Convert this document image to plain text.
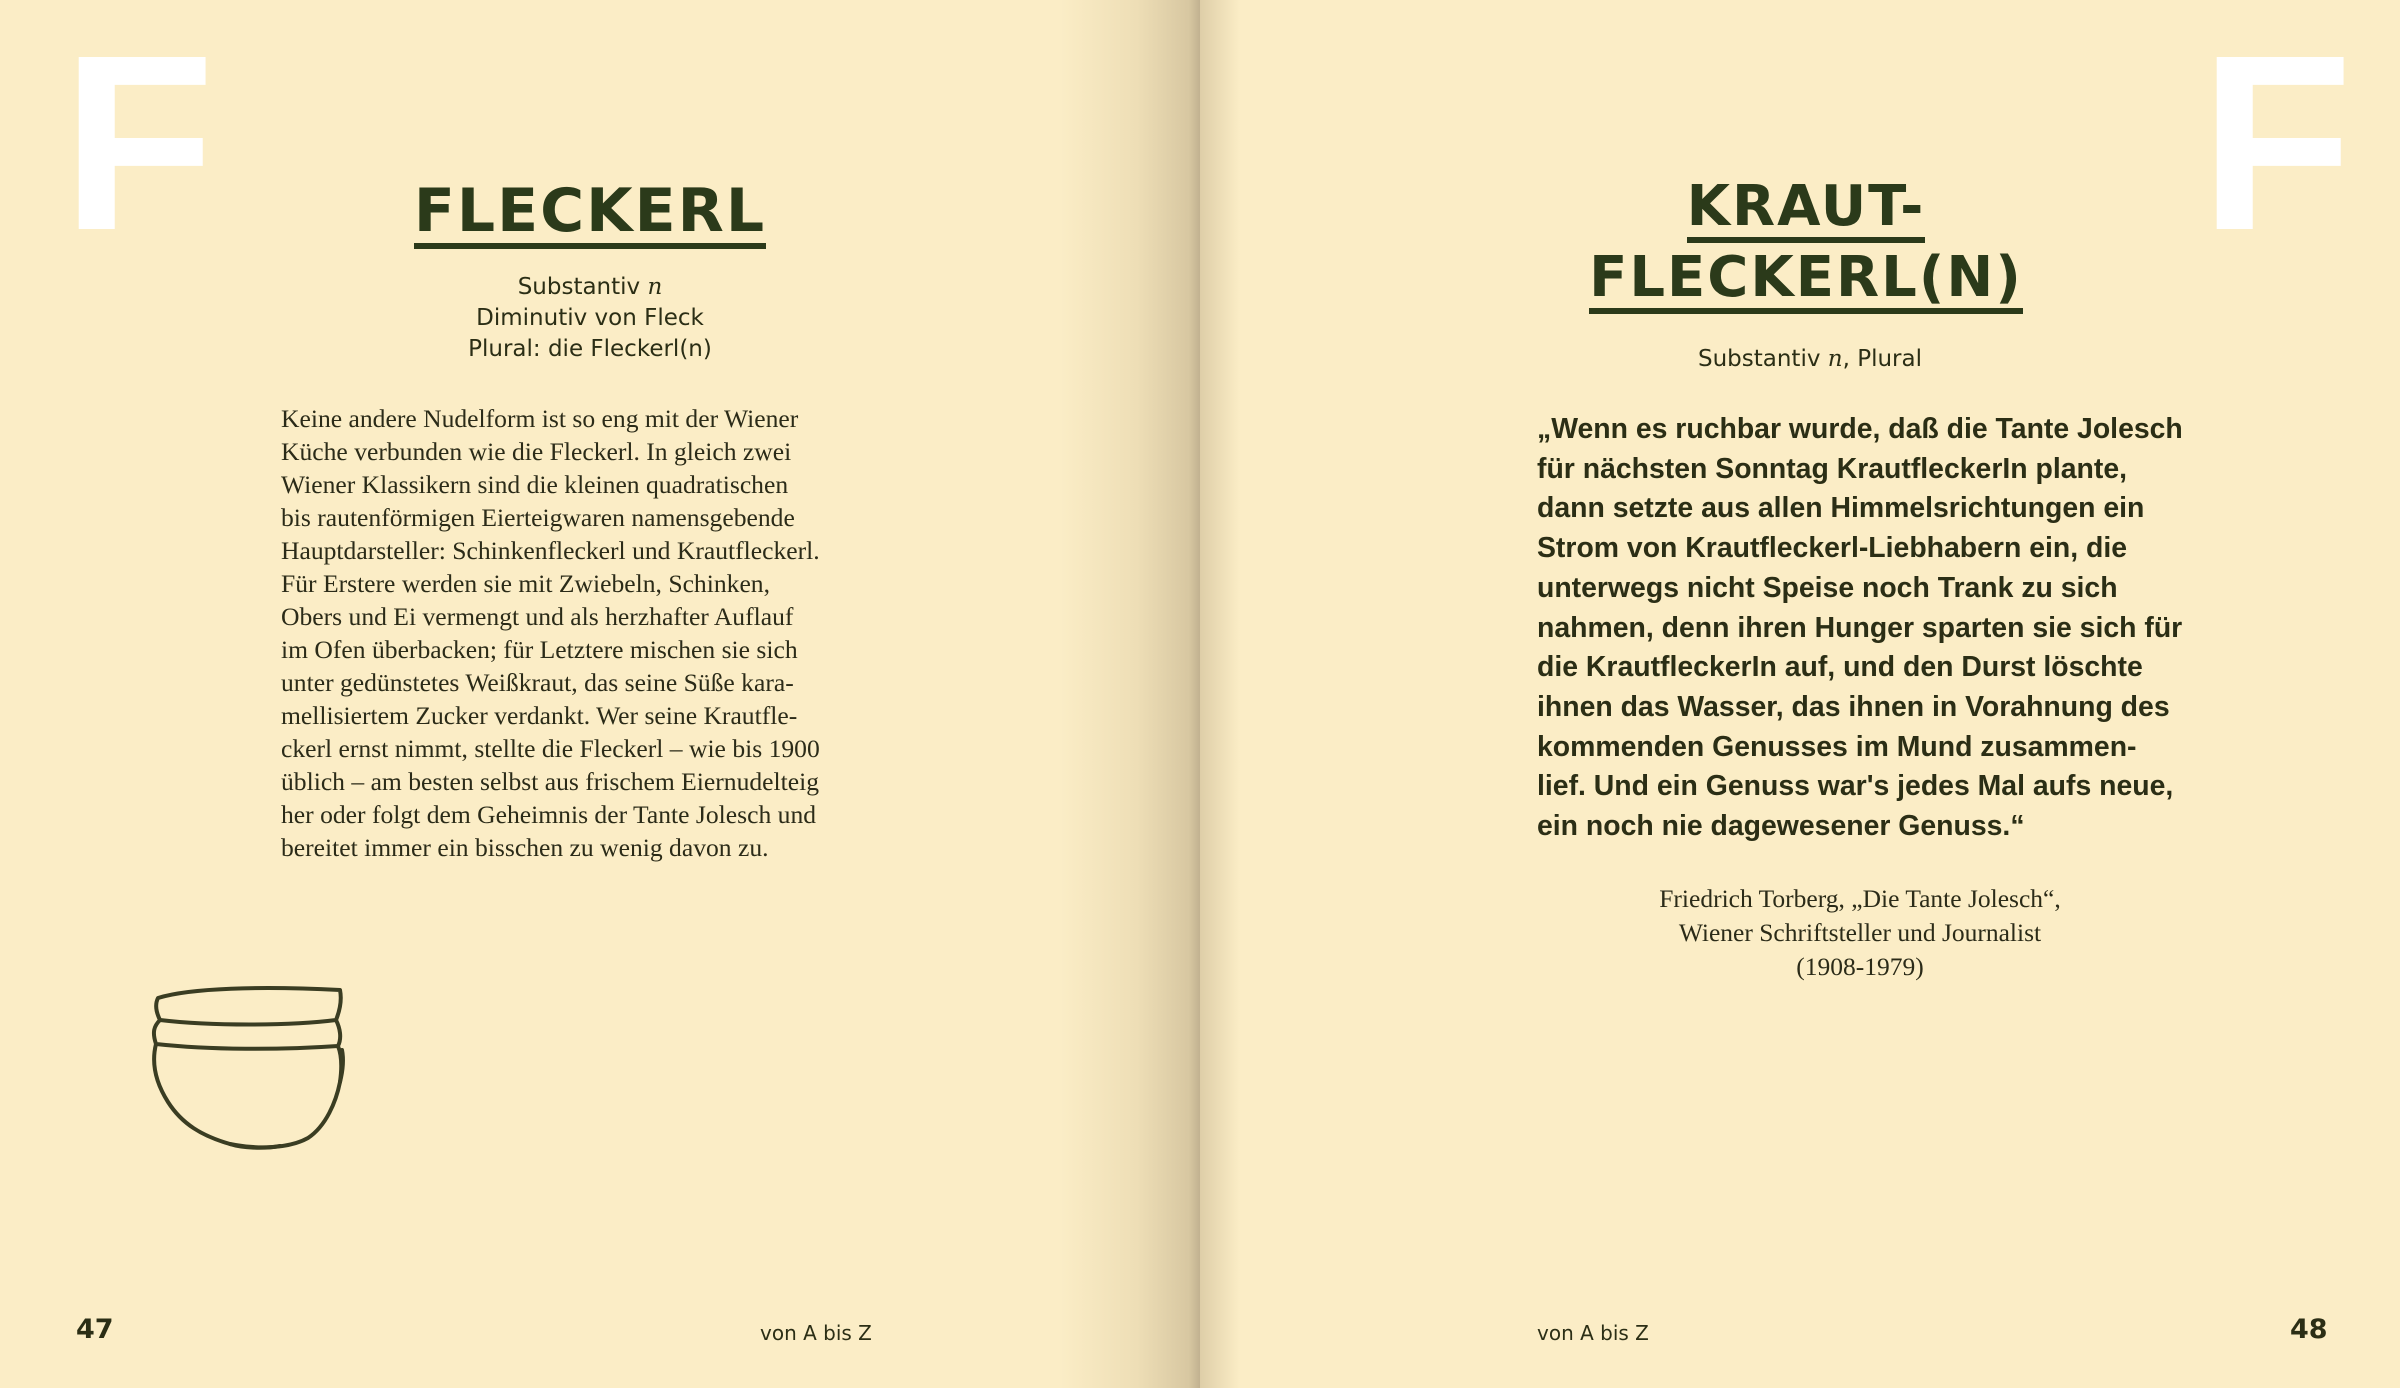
F	FLECKERL
Substantiv n
Diminutiv von Fleck
Plural: die Fleckerl(n)
Keine andere Nudelform ist so eng mit der Wiener
Küche verbunden wie die Fleckerl. In gleich zwei
Wiener Klassikern sind die kleinen quadratischen
bis rautenförmigen Eierteigwaren namensgebende
Hauptdarsteller: Schinkenfleckerl und Krautfleckerl.
Für Erstere werden sie mit Zwiebeln, Schinken,
Obers und Ei vermengt und als herzhafter Auflauf
im Ofen überbacken; für Letztere mischen sie sich
unter gedünstetes Weißkraut, das seine Süße kara-
mellisiertem Zucker verdankt. Wer seine Krautfle-
ckerl ernst nimmt, stellte die Fleckerl – wie bis 1900
üblich – am besten selbst aus frischem Eiernudelteig
her oder folgt dem Geheimnis der Tante Jolesch und
bereitet immer ein bisschen zu wenig davon zu.
47	von A bis Z
F
KRAUT-
FLECKERL(N)
Substantiv n, Plural
„Wenn es ruchbar wurde, daß die Tante Jolesch
für nächsten Sonntag KrautfleckerIn plante,
dann setzte aus allen Himmelsrichtungen ein
Strom von Krautfleckerl-Liebhabern ein, die
unterwegs nicht Speise noch Trank zu sich
nahmen, denn ihren Hunger sparten sie sich für
die KrautfleckerIn auf, und den Durst löschte
ihnen das Wasser, das ihnen in Vorahnung des
kommenden Genusses im Mund zusammen-
lief. Und ein Genuss war's jedes Mal aufs neue,
ein noch nie dagewesener Genuss.“
Friedrich Torberg, „Die Tante Jolesch“,
Wiener Schriftsteller und Journalist
(1908-1979)
48
von A bis Z
